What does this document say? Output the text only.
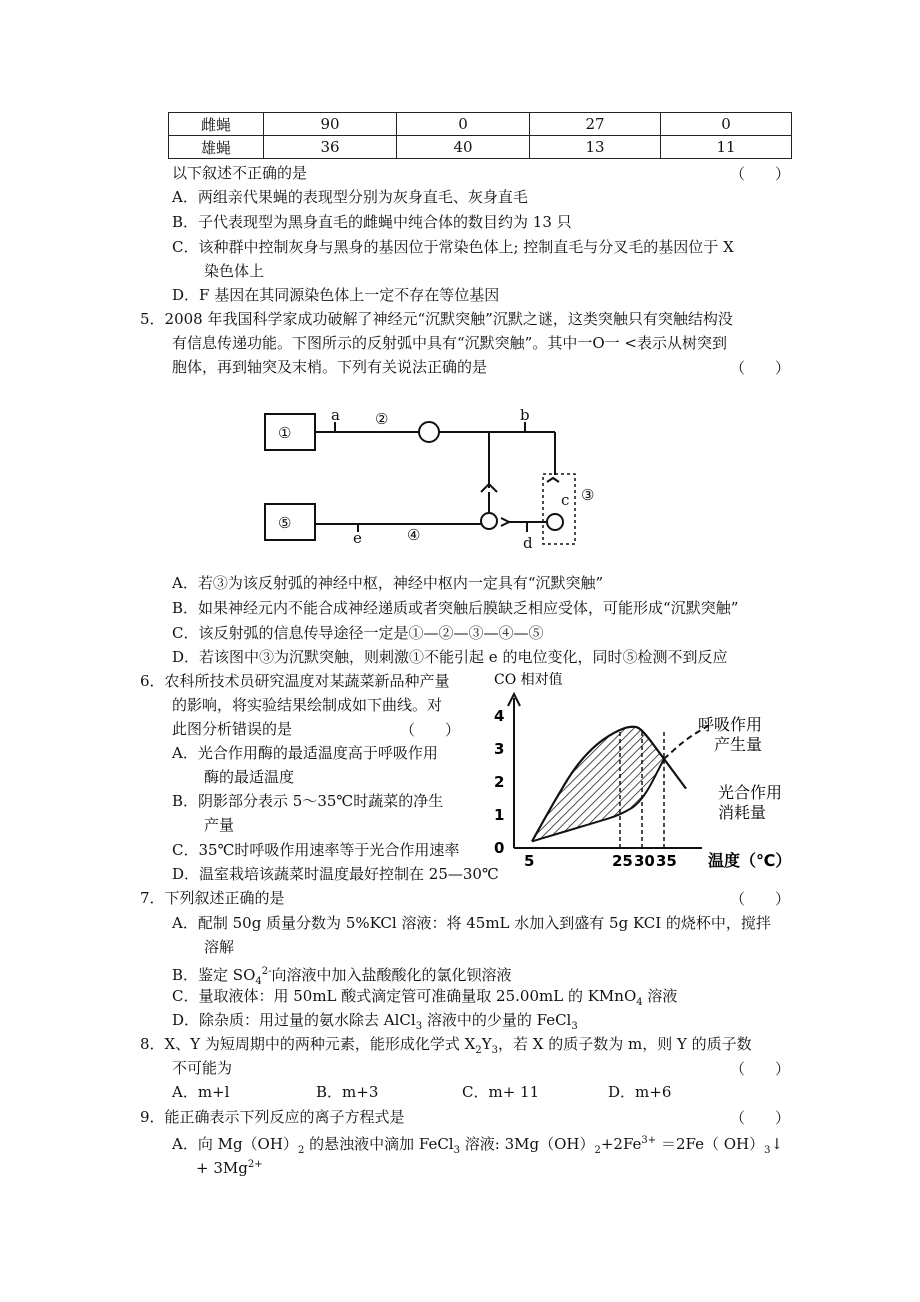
雌蝇	90	0	27	0
雄蝇	36	40	13	11
以下叙述不正确的是	（　　）
A．两组亲代果蝇的表现型分别为灰身直毛、灰身直毛
B．子代表现型为黑身直毛的雌蝇中纯合体的数目约为 13 只
C．该种群中控制灰身与黑身的基因位于常染色体上; 控制直毛与分叉毛的基因位于 X
染色体上
D．F 基因在其同源染色体上一定不存在等位基因
5．2008 年我国科学家成功破解了神经元“沉默突触”沉默之谜，这类突触只有突触结构没
有信息传递功能。下图所示的反射弧中具有“沉默突触”。其中一O一 <表示从树突到
胞体，再到轴突及末梢。下列有关说法正确的是	（　　）
①
②
③
④
⑤
a	b
c
d
e
A．若③为该反射弧的神经中枢，神经中枢内一定具有“沉默突触”
B．如果神经元内不能合成神经递质或者突触后膜缺乏相应受体，可能形成“沉默突触”
C．该反射弧的信息传导途径一定是①—②—③—④—⑤
D．若该图中③为沉默突触，则刺激①不能引起 e 的电位变化，同时⑤检测不到反应
6．农科所技术员研究温度对某蔬菜新品种产量
的影响，将实验结果绘制成如下曲线。对
此图分析错误的是	（　　）
A．光合作用酶的最适温度高于呼吸作用
酶的最适温度
B．阴影部分表示 5～35℃时蔬菜的净生
产量
C．35℃时呼吸作用速率等于光合作用速率
D．温室栽培该蔬菜时温度最好控制在 25—30℃
CO 相对值
0
1
2
3
4
5	25 30 35
呼吸作用
产生量
光合作用
消耗量
温度（℃）
7．下列叙述正确的是	（　　）
A．配制 50g 质量分数为 5%KCl 溶液：将 45mL 水加入到盛有 5g KCI 的烧杯中，搅拌
溶解
B．鉴定 $SO_4^{2-}$向溶液中加入盐酸酸化的氯化钡溶液
C．量取液体：用 50mL 酸式滴定管可准确量取 25.00mL 的 KMnO$_4$ 溶液
D．除杂质：用过量的氨水除去 AlCl$_3$ 溶液中的少量的 FeCl$_3$
8．X、Y 为短周期中的两种元素，能形成化学式 $X_2Y_3$，若 X 的质子数为 m，则 Y 的质子数
不可能为	（　　）
A．m+l	B．m+3	C．m+ 11	D．m+6
9．能正确表示下列反应的离子方程式是	（　　）
A．向 $Mg(OH)_2$ 的悬浊液中滴加 FeCl$_3$ 溶液: $3Mg(OH)_2+2Fe^{3+} =2Fe$（ $OH)_3↓$
+ $3Mg^{2+}$
